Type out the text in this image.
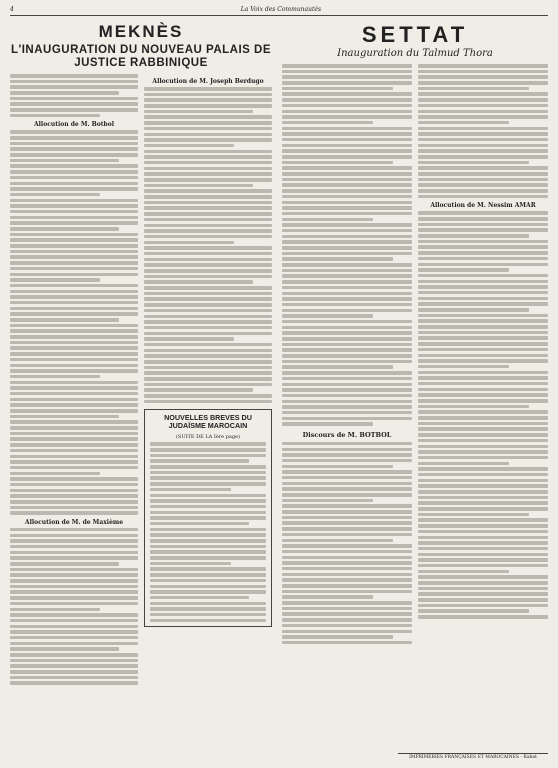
4	La Voix des Communautés
MEKNÈS
L'INAUGURATION DU NOUVEAU PALAIS DE JUSTICE RABBINIQUE
Allocution de M. Botbol
Allocution de M. de Maxième
Allocution de M. Joseph Berdugo
NOUVELLES BREVES DU JUDAÏSME MAROCAIN
(SUITE DE LA Ière page)
SETTAT
Inauguration du Talmud Thora
Discours de M. BOTBOL
Allocution de M. Nessim AMAR
IMPRIMERIES FRANÇAISES ET MAROCAINES - Rabat
